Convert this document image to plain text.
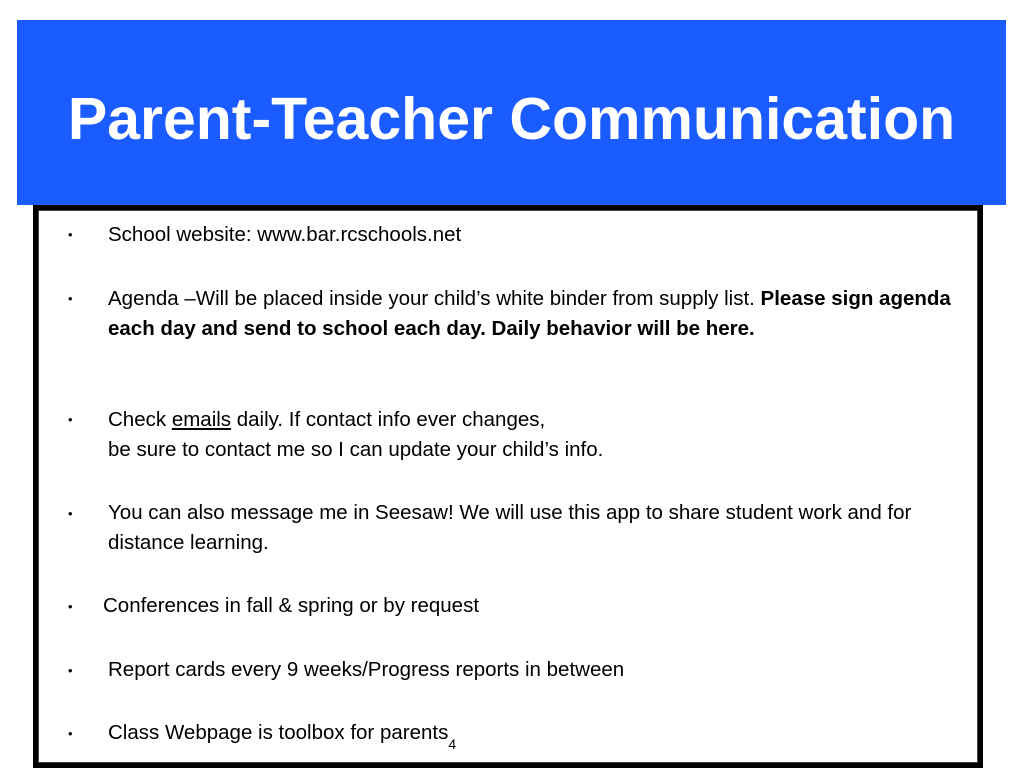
Parent-Teacher Communication
• School website: www.bar.rcschools.net
• Agenda –Will be placed inside your child’s white binder from supply list. Please sign agenda each day and send to school each day. Daily behavior will be here.
• Check emails daily. If contact info ever changes,
be sure to contact me so I can update your child’s info.
• You can also message me in Seesaw! We will use this app to share student work and for distance learning.
• Conferences in fall & spring or by request
• Report cards every 9 weeks/Progress reports in between
• Class Webpage is toolbox for parents$_4$
